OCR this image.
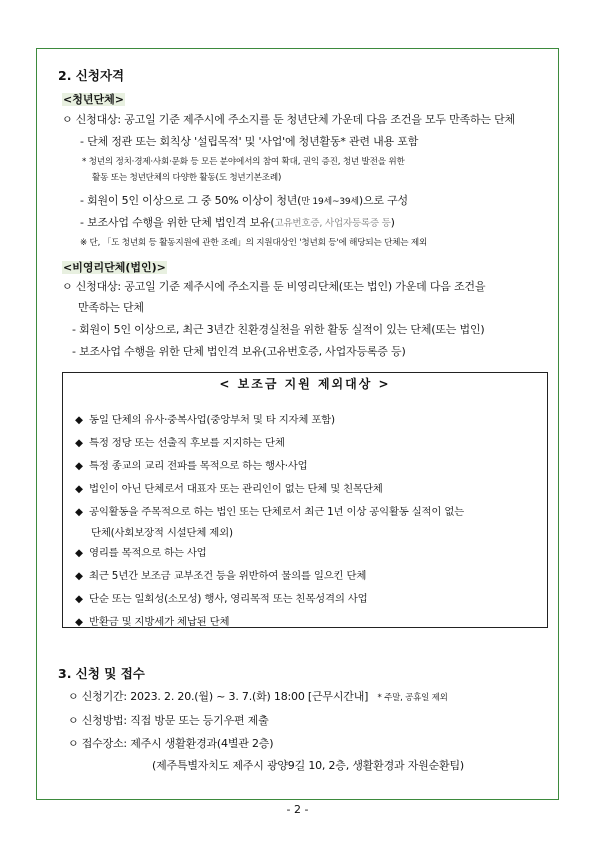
2. 신청자격
<청년단체>
ㅇ 신청대상: 공고일 기준 제주시에 주소지를 둔 청년단체 가운데 다음 조건을 모두 만족하는 단체
- 단체 정관 또는 회칙상 '설립목적' 및 '사업'에 청년활동* 관련 내용 포함
* 청년의 정치·경제·사회·문화 등 모든 분야에서의 참여 확대, 권익 증진, 청년 발전을 위한
활동 또는 청년단체의 다양한 활동(도 청년기본조례)
- 회원이 5인 이상으로 그 중 50% 이상이 청년(만 19세~39세)으로 구성
- 보조사업 수행을 위한 단체 법인격 보유(고유번호증, 사업자등록증 등)
※ 단, 「도 청년회 등 활동지원에 관한 조례」의 지원대상인 '청년회 등'에 해당되는 단체는 제외
<비영리단체(법인)>
ㅇ 신청대상: 공고일 기준 제주시에 주소지를 둔 비영리단체(또는 법인) 가운데 다음 조건을
만족하는 단체
- 회원이 5인 이상으로, 최근 3년간 친환경실천을 위한 활동 실적이 있는 단체(또는 법인)
- 보조사업 수행을 위한 단체 법인격 보유(고유번호증, 사업자등록증 등)
< 보조금 지원 제외대상 >
◆ 동일 단체의 유사·중복사업(중앙부처 및 타 지자체 포함)
◆ 특정 정당 또는 선출직 후보를 지지하는 단체
◆ 특정 종교의 교리 전파를 목적으로 하는 행사·사업
◆ 법인이 아닌 단체로서 대표자 또는 관리인이 없는 단체 및 친목단체
◆ 공익활동을 주목적으로 하는 법인 또는 단체로서 최근 1년 이상 공익활동 실적이 없는
단체(사회보장적 시설단체 제외)
◆ 영리를 목적으로 하는 사업
◆ 최근 5년간 보조금 교부조건 등을 위반하여 물의를 일으킨 단체
◆ 단순 또는 일회성(소모성) 행사, 영리목적 또는 친목성격의 사업
◆ 반환금 및 지방세가 체납된 단체
3. 신청 및 접수
ㅇ 신청기간: 2023. 2. 20.(월) ~ 3. 7.(화) 18:00 [근무시간내] * 주말, 공휴일 제외
ㅇ 신청방법: 직접 방문 또는 등기우편 제출
ㅇ 접수장소: 제주시 생활환경과(4별관 2층)
(제주특별자치도 제주시 광양9길 10, 2층, 생활환경과 자원순환팀)
- 2 -
